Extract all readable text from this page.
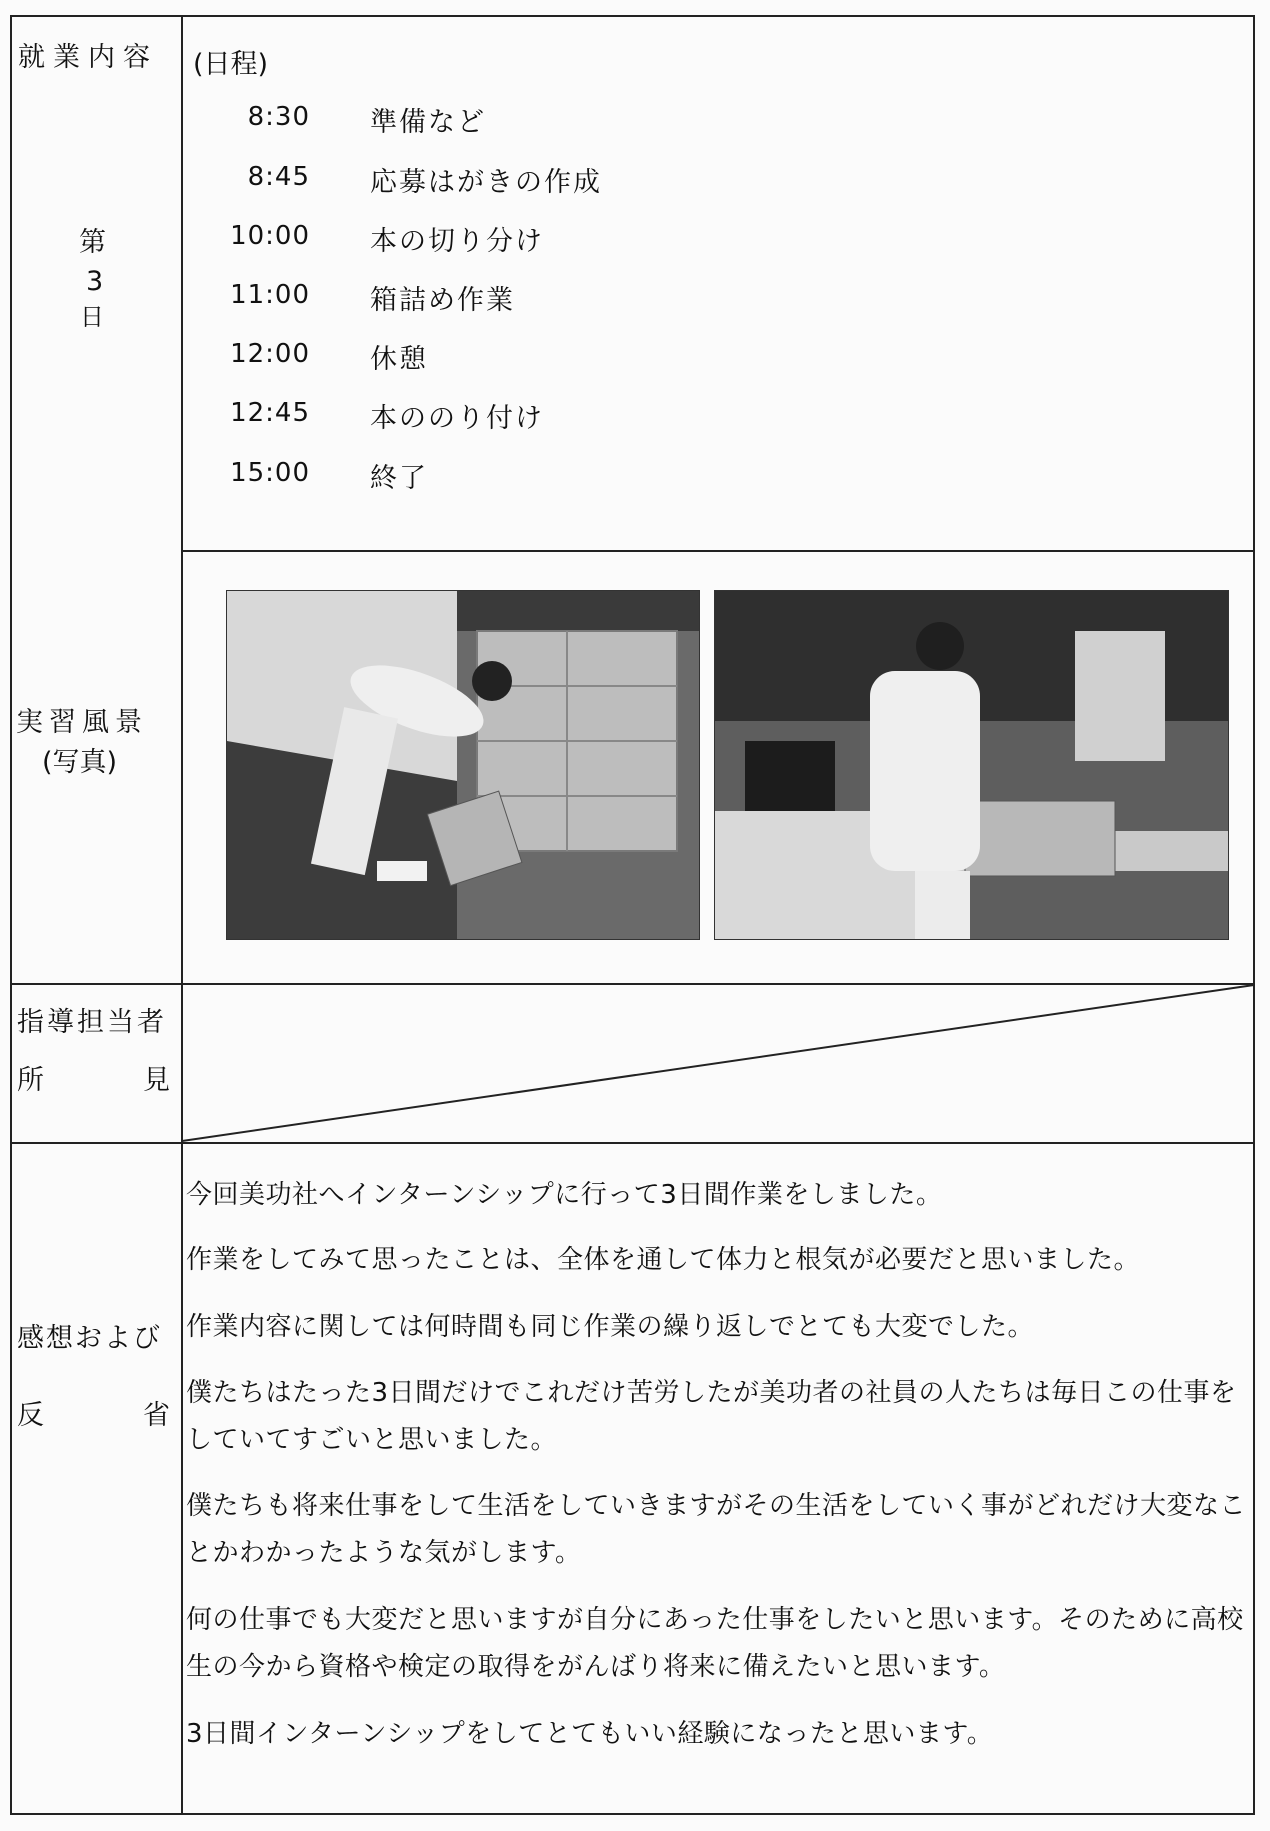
就業内容
第
3
日
実習風景
(写真)
指導担当者
所	見
感想および
反	省
(日程)
8:30 準備など
8:45 応募はがきの作成
10:00 本の切り分け
11:00 箱詰め作業
12:00 休憩
12:45 本ののり付け
15:00 終了
今回美功社へインターンシップに行って3日間作業をしました。
作業をしてみて思ったことは、全体を通して体力と根気が必要だと思いました。
作業内容に関しては何時間も同じ作業の繰り返しでとても大変でした。
僕たちはたった3日間だけでこれだけ苦労したが美功者の社員の人たちは毎日この仕事をしていてすごいと思いました。
僕たちも将来仕事をして生活をしていきますがその生活をしていく事がどれだけ大変なことかわかったような気がします。
何の仕事でも大変だと思いますが自分にあった仕事をしたいと思います。そのために高校生の今から資格や検定の取得をがんばり将来に備えたいと思います。
3日間インターンシップをしてとてもいい経験になったと思います。
